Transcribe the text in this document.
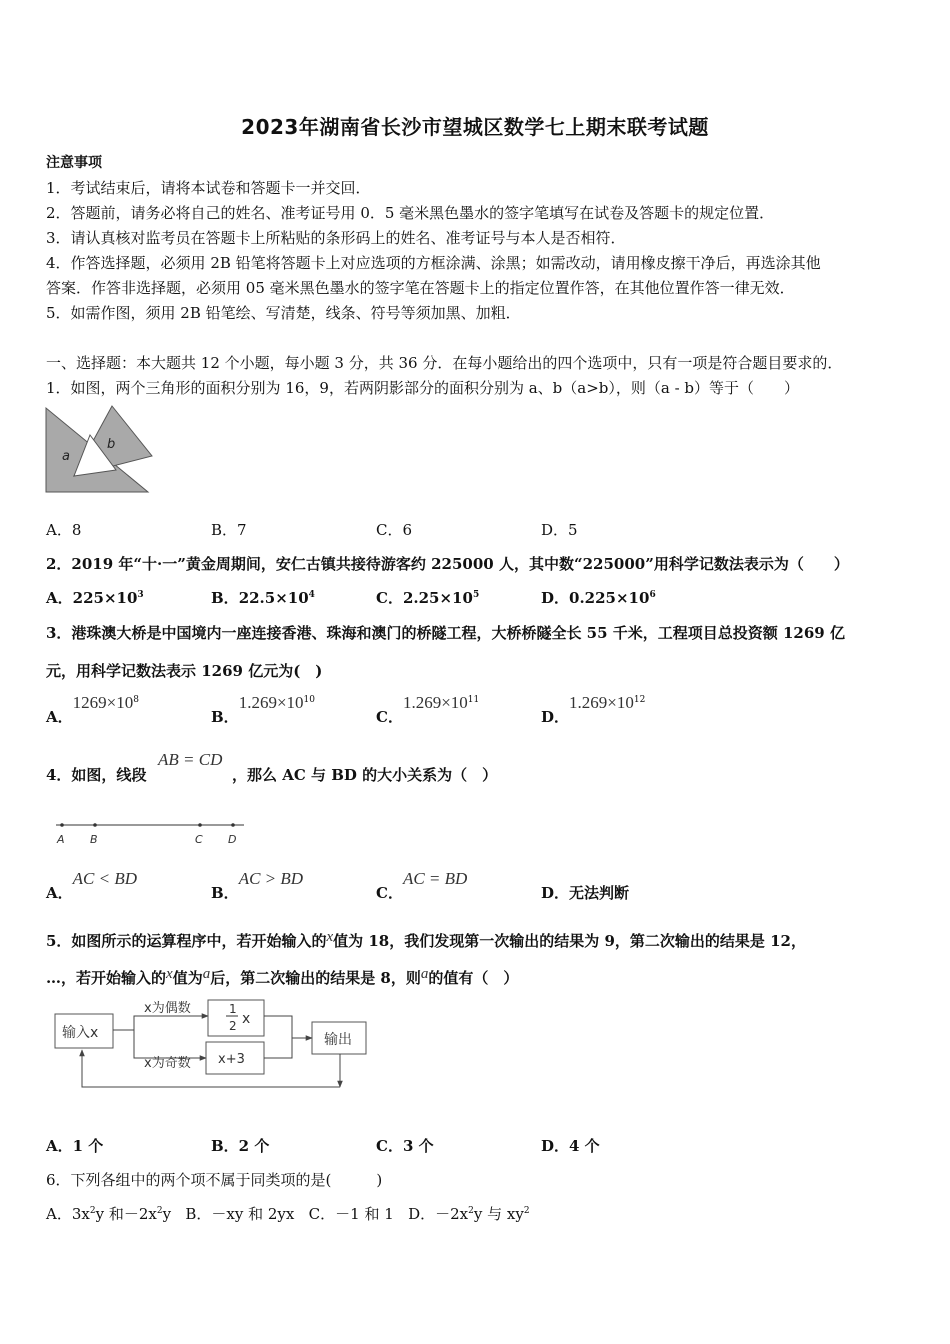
2023年湖南省长沙市望城区数学七上期末联考试题
注意事项
1．考试结束后，请将本试卷和答题卡一并交回．
2．答题前，请务必将自己的姓名、准考证号用 0．5 毫米黑色墨水的签字笔填写在试卷及答题卡的规定位置．
3．请认真核对监考员在答题卡上所粘贴的条形码上的姓名、准考证号与本人是否相符．
4．作答选择题，必须用 2B 铅笔将答题卡上对应选项的方框涂满、涂黑；如需改动，请用橡皮擦干净后，再选涂其他
答案．作答非选择题，必须用 05 毫米黑色墨水的签字笔在答题卡上的指定位置作答，在其他位置作答一律无效．
5．如需作图，须用 2B 铅笔绘、写清楚，线条、符号等须加黑、加粗．
一、选择题：本大题共 12 个小题，每小题 3 分，共 36 分．在每小题给出的四个选项中，只有一项是符合题目要求的．
1．如图，两个三角形的面积分别为 16，9，若两阴影部分的面积分别为 a、b（a>b），则（a - b）等于（　　）
a
b
A．8	B．7	C．6	D．5
2．2019 年“十·一”黄金周期间，安仁古镇共接待游客约 225000 人，其中数“225000”用科学记数法表示为（　　）
A．$225\times 10^3$	B．$22.5\times 10^4$	C．$2.25\times 10^5$	D．$0.225\times 10^6$
3．港珠澳大桥是中国境内一座连接香港、珠海和澳门的桥隧工程，大桥桥隧全长 55 千米，工程项目总投资额 1269 亿
元，用科学记数法表示 1269 亿元为(　)
A．$1269\times 10^8$
B．$1.269\times 10^{10}$
C．$1.269\times 10^{11}$
D．$1.269\times 10^{12}$
4．如图，线段
AB = CD
，那么 AC 与 BD 的大小关系为（　）
A B	C D
A．AC < BD
B．AC > BD
C．AC = BD
D．无法判断
5．如图所示的运算程序中，若开始输入的x值为 18，我们发现第一次输出的结果为 9，第二次输出的结果是 12，
…，若开始输入的x值为a后，第二次输出的结果是 8，则a的值有（　）
输入x
1
2 x
x+3
输出
x为偶数
x为奇数
A．1 个	B．2 个	C．3 个	D．4 个
6．下列各组中的两个项不属于同类项的是(　　　)
A．$3x^2y$ 和$-2x^2y$ B．－xy 和 2yx C．－1 和 1 D．$-2x^2y$ 与 $xy^2$
